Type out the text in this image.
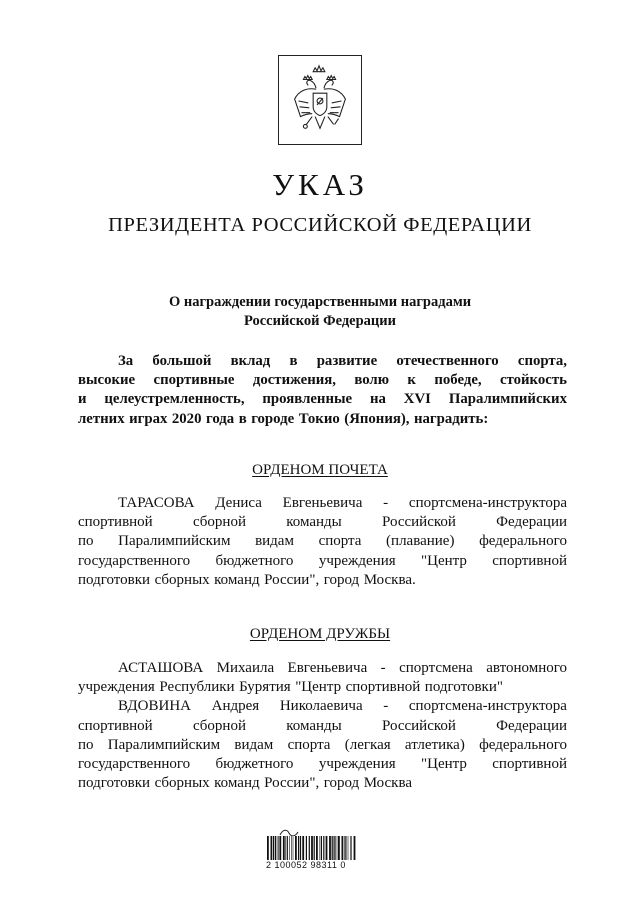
УКАЗ
ПРЕЗИДЕНТА РОССИЙСКОЙ ФЕДЕРАЦИИ
О награждении государственными наградами
Российской Федерации
За большой вклад в развитие отечественного спорта,
высокие спортивные достижения, волю к победе, стойкость
и целеустремленность, проявленные на XVI Паралимпийских
летних играх 2020 года в городе Токио (Япония), наградить:
ОРДЕНОМ ПОЧЕТА
ТАРАСОВА Дениса Евгеньевича - спортсмена-инструктора
спортивной	сборной	команды	Российской	Федерации
по Паралимпийским видам спорта (плавание) федерального
государственного бюджетного учреждения "Центр спортивной
подготовки сборных команд России", город Москва.
ОРДЕНОМ ДРУЖБЫ
АСТАШОВА Михаила Евгеньевича - спортсмена автономного
учреждения Республики Бурятия "Центр спортивной подготовки"
ВДОВИНА Андрея Николаевича - спортсмена-инструктора
спортивной	сборной	команды	Российской	Федерации
по Паралимпийским видам спорта (легкая атлетика) федерального
государственного бюджетного учреждения "Центр спортивной
подготовки сборных команд России", город Москва
2 100052 98311 0
